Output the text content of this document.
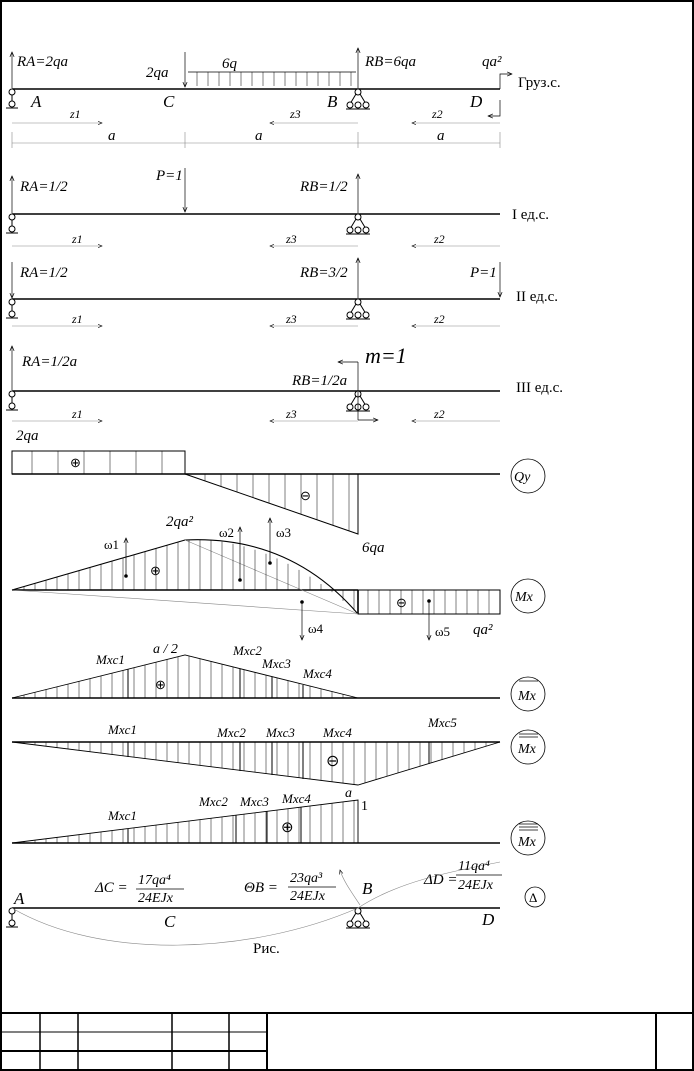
RA=2qa
2qa
6q	RB=6qa	qa²
Груз.с.
A	C	B	D
z1	z3	z2
a	a	a
RA=1/2
P=1
RB=1/2
I ед.с.
z1	z3	z2
RA=1/2	RB=3/2	P=1
II ед.с.
z1	z3	z2
RA=1/2a	m=1
RB=1/2a	III ед.с.
z1	z3	z2
2qa
⊕
⊖
6qa
Qy
2qa²
⊕
⊖
qa²
ω1
ω2	ω3
ω4	ω5
Mx
a / 2
Mxc1
Mxc2
Mxc3
Mxc4
⊕
Mx
Mxc1	Mxc2 Mxc3 Mxc4
Mxc5
⊖
a
Mx
Mxc1
Mxc2 Mxc3 Mxc4
⊕
1
Mx
A
C
B
D
ΔC = 17qa⁴
24EJx
ΘB =
23qa³
24EJx
ΔD =
11qa⁴
24EJx
Δ
Рис.
